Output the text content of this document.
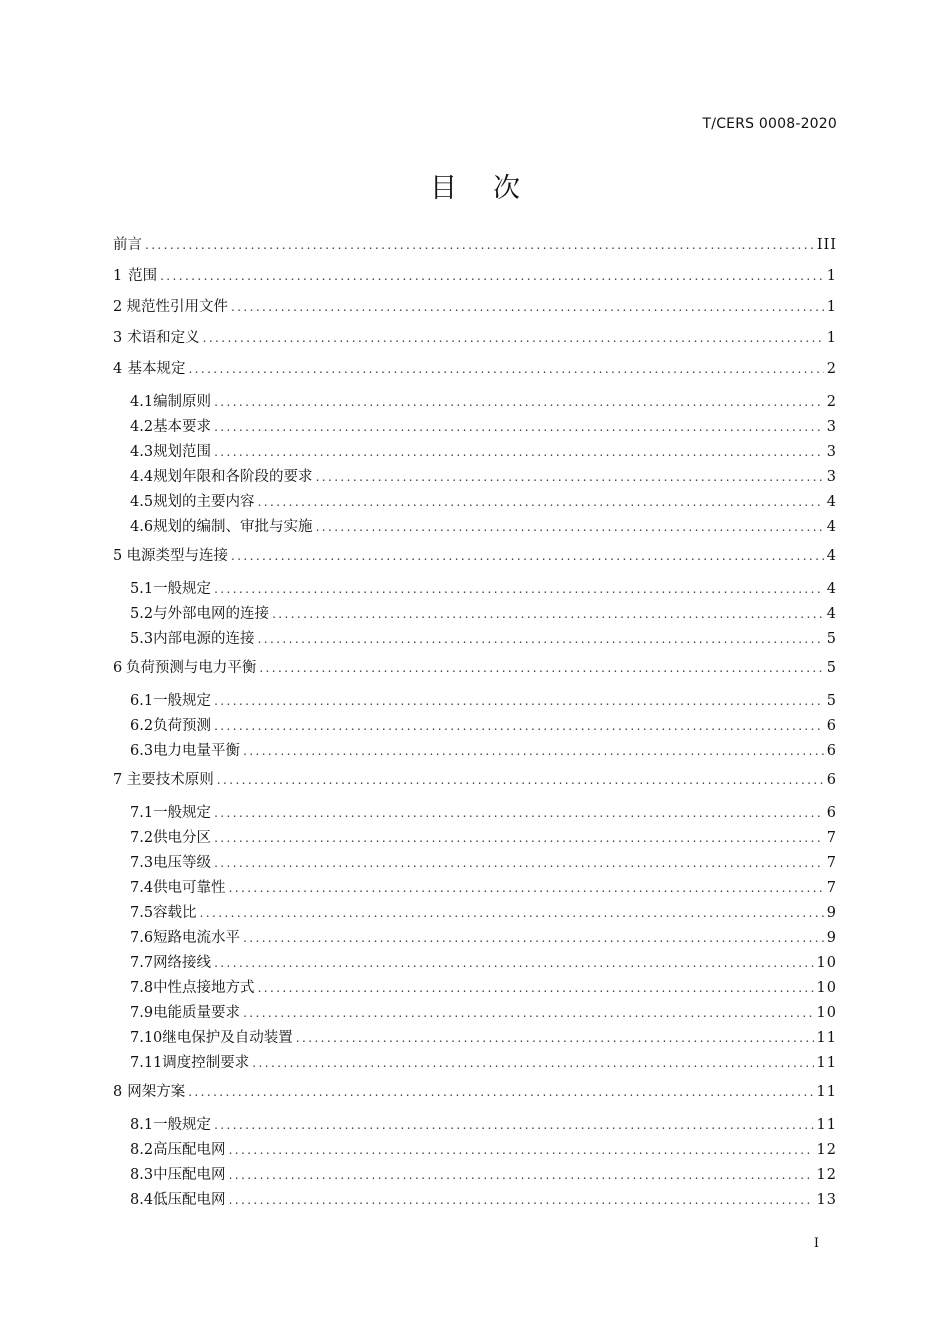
T/CERS 0008-2020
目次
前言 .....	III
1 范围 .....	1
2 规范性引用文件 .....	1
3 术语和定义 .....	1
4 基本规定 .....	2
4.1 编制原则 .....	2
4.2 基本要求 .....	3
4.3 规划范围 .....	3
4.4 规划年限和各阶段的要求 .....	3
4.5 规划的主要内容 .....	4
4.6 规划的编制、审批与实施 .....	4
5 电源类型与连接 .....	4
5.1 一般规定 .....	4
5.2 与外部电网的连接 .....	4
5.3 内部电源的连接 .....	5
6 负荷预测与电力平衡 .....	5
6.1 一般规定 .....	5
6.2 负荷预测 .....	6
6.3 电力电量平衡 .....	6
7 主要技术原则 .....	6
7.1 一般规定 .....	6
7.2 供电分区 .....	7
7.3 电压等级 .....	7
7.4 供电可靠性 .....	7
7.5 容载比 .....	9
7.6 短路电流水平 .....	9
7.7 网络接线 .....	10
7.8 中性点接地方式 .....	10
7.9 电能质量要求 .....	10
7.10 继电保护及自动装置 .....	11
7.11 调度控制要求 .....	11
8 网架方案 .....	11
8.1 一般规定 .....	11
8.2 高压配电网 .....	12
8.3 中压配电网 .....	12
8.4 低压配电网 .....	13
I
